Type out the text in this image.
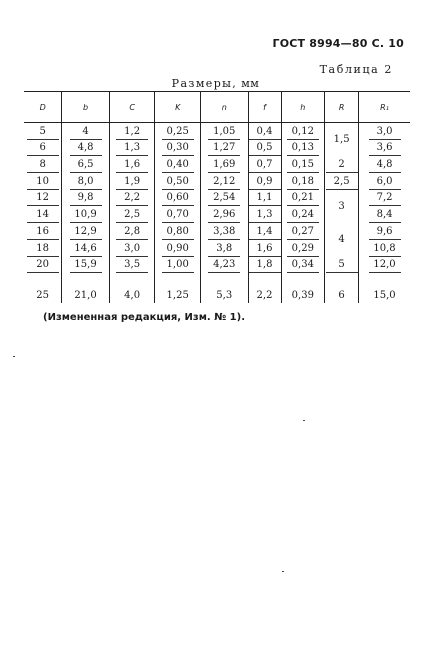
ГОСТ 8994—80 С. 10
Таблица 2
Размеры, мм
D	b	C	K	n	f	h	R	R₁
5	4	1,2	0,25	1,05	0,4	0,12	1,5	3,0
6	4,8	1,3	0,30	1,27	0,5	0,13		3,6
8	6,5	1,6	0,40	1,69	0,7	0,15	2	4,8
10	8,0	1,9	0,50	2,12	0,9	0,18	2,5	6,0
12	9,8	2,2	0,60	2,54	1,1	0,21	3	7,2
14	10,9	2,5	0,70	2,96	1,3	0,24		8,4
16	12,9	2,8	0,80	3,38	1,4	0,27	4	9,6
18	14,6	3,0	0,90	3,8	1,6	0,29		10,8
20	15,9	3,5	1,00	4,23	1,8	0,34	5	12,0
25	21,0	4,0	1,25	5,3	2,2	0,39	6	15,0
(Измененная редакция, Изм. № 1).
